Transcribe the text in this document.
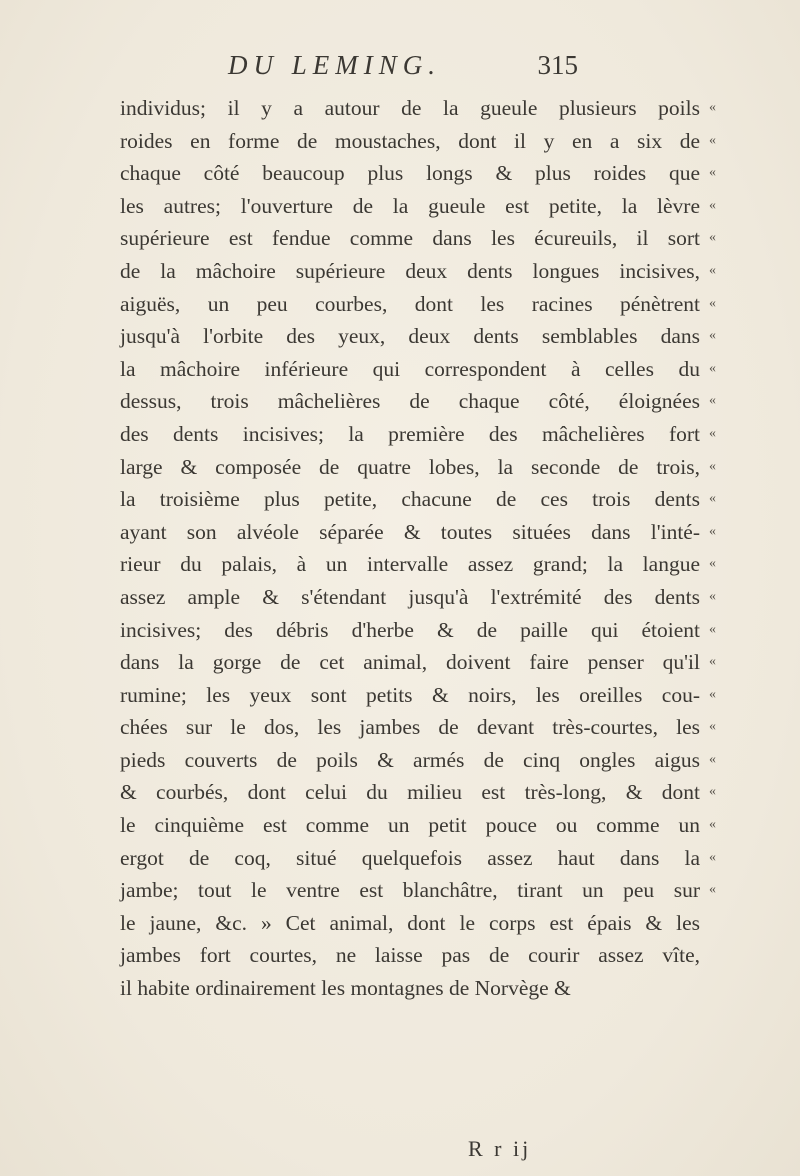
DU LEMING.	315
individus; il y a autour de la gueule plusieurs poils
roides en forme de moustaches, dont il y en a six de
chaque côté beaucoup plus longs & plus roides que
les autres; l'ouverture de la gueule est petite, la lèvre
supérieure est fendue comme dans les écureuils, il sort
de la mâchoire supérieure deux dents longues incisives,
aiguës, un peu courbes, dont les racines pénètrent
jusqu'à l'orbite des yeux, deux dents semblables dans
la mâchoire inférieure qui correspondent à celles du
dessus, trois mâchelières de chaque côté, éloignées
des dents incisives; la première des mâchelières fort
large & composée de quatre lobes, la seconde de trois,
la troisième plus petite, chacune de ces trois dents
ayant son alvéole séparée & toutes situées dans l'inté-
rieur du palais, à un intervalle assez grand; la langue
assez ample & s'étendant jusqu'à l'extrémité des dents
incisives; des débris d'herbe & de paille qui étoient
dans la gorge de cet animal, doivent faire penser qu'il
rumine; les yeux sont petits & noirs, les oreilles cou-
chées sur le dos, les jambes de devant très-courtes, les
pieds couverts de poils & armés de cinq ongles aigus
& courbés, dont celui du milieu est très-long, & dont
le cinquième est comme un petit pouce ou comme un
ergot de coq, situé quelquefois assez haut dans la
jambe; tout le ventre est blanchâtre, tirant un peu sur
le jaune, &c. » Cet animal, dont le corps est épais & les
jambes fort courtes, ne laisse pas de courir assez vîte,
il habite ordinairement les montagnes de Norvège &
«
«
«
«
«
«
«
«
«
«
«
«
«
«
«
«
«
«
«
«
«
«
«
«
«
R r ij
